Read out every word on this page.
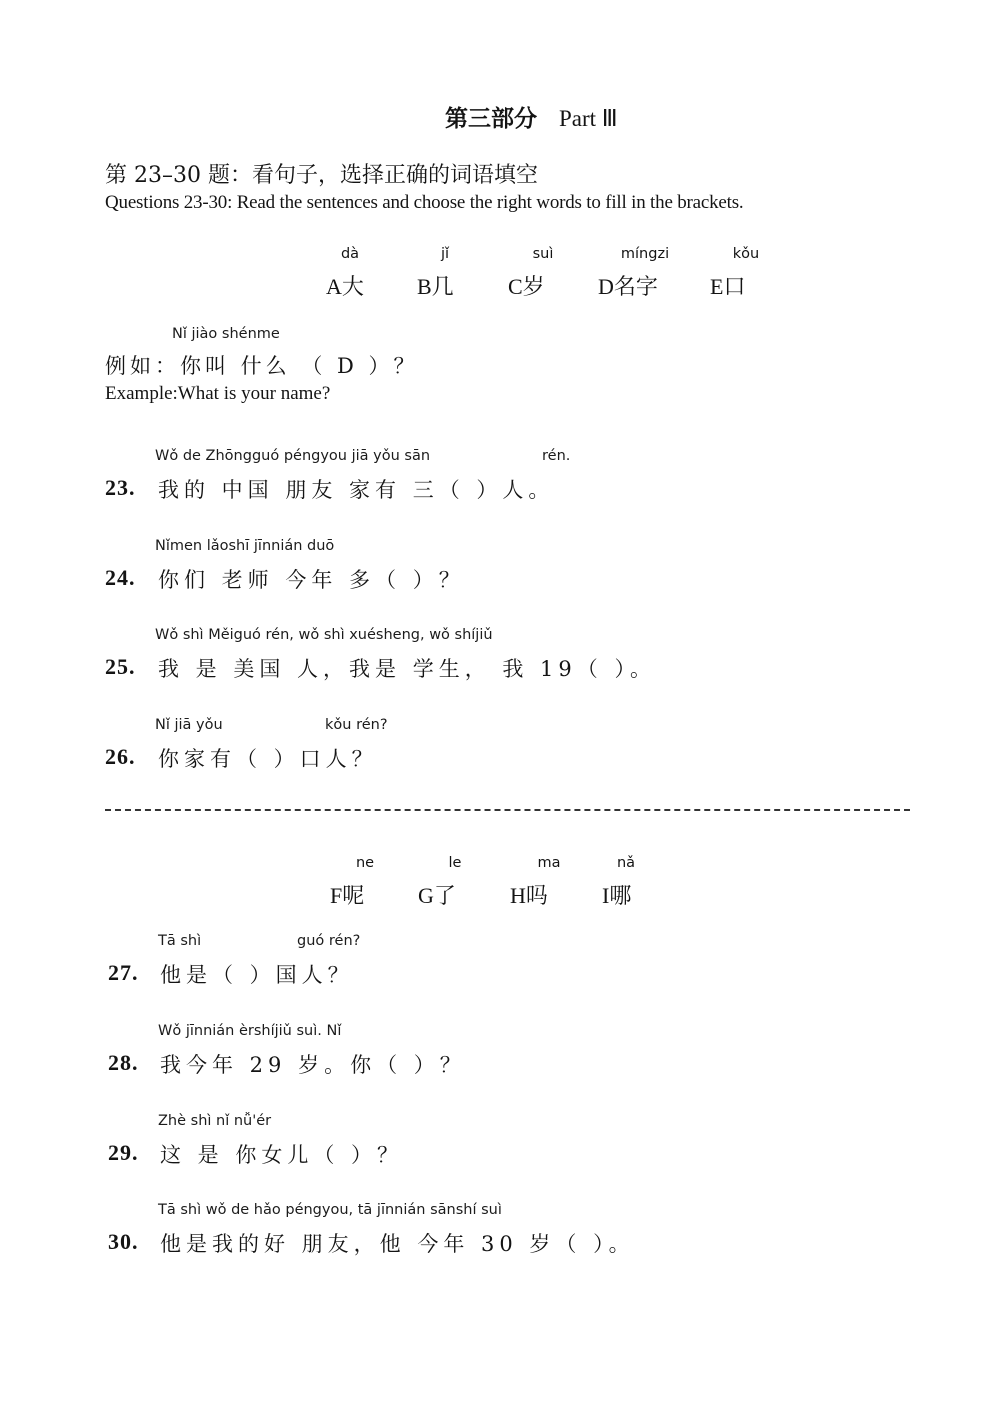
第三部分 Part Ⅲ
第 23–30 题：看句子，选择正确的词语填空
Questions 23-30: Read the sentences and choose the right words to fill in the brackets.
dà
A大
jǐ
B几
suì
C岁
míngzi
D名字
kǒu
E口
Nǐ jiào shénme
例如：你叫 什么 （ D ）？
Example:What is your name?
Wǒ de Zhōngguó péngyou jiā yǒu sān	rén.
23. 我的 中国 朋友 家有 三（ ）人。
Nǐmen lǎoshī jīnnián duō
24. 你们 老师 今年 多（ ）？
Wǒ shì Měiguó rén, wǒ shì xuésheng, wǒ shíjiǔ
25. 我 是 美国 人，我是 学生， 我 19（ ）。
Nǐ jiā yǒu	kǒu rén?
26. 你家有（ ）口人？
ne
F呢
le
G了
ma
H吗
nǎ
I哪
Tā shì	guó rén?
27. 他是（ ）国人？
Wǒ jīnnián èrshíjiǔ suì. Nǐ
28. 我今年 29 岁。你（ ）？
Zhè shì nǐ nǚ'ér
29. 这 是 你女儿（ ）？
Tā shì wǒ de hǎo péngyou, tā jīnnián sānshí suì
30. 他是我的好 朋友，他 今年 30 岁（ ）。
